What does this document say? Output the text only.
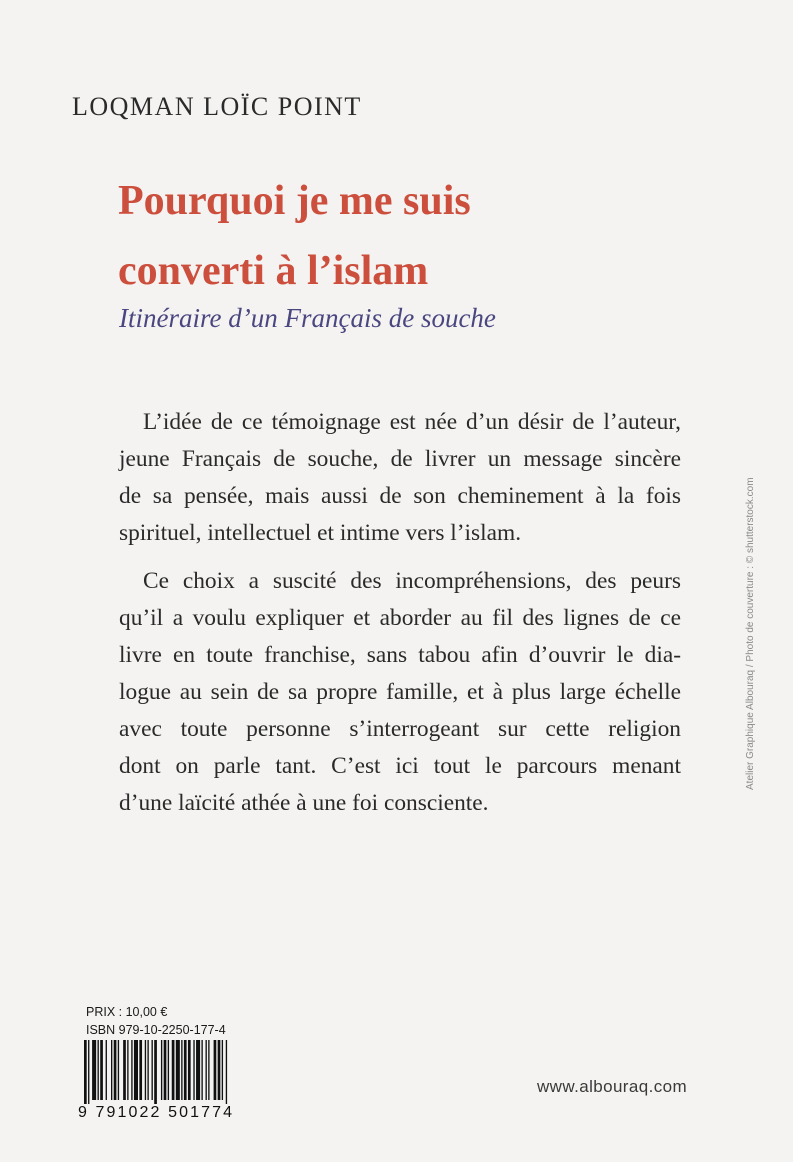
LOQMAN LOÏC POINT
Pourquoi je me suis
converti à l’islam
Itinéraire d’un Français de souche
L’idée de ce témoignage est née d’un désir de l’auteur,
jeune Français de souche, de livrer un message sincère
de sa pensée, mais aussi de son cheminement à la fois
spirituel, intellectuel et intime vers l’islam.
Ce choix a suscité des incompréhensions, des peurs
qu’il a voulu expliquer et aborder au fil des lignes de ce
livre en toute franchise, sans tabou afin d’ouvrir le dia-
logue au sein de sa propre famille, et à plus large échelle
avec toute personne s’interrogeant sur cette religion
dont on parle tant. C’est ici tout le parcours menant
d’une laïcité athée à une foi consciente.
Atelier Graphique Albouraq / Photo de couverture : © shutterstock.com
PRIX : 10,00 €
ISBN 979-10-2250-177-4
9 791022 501774
www.albouraq.com
